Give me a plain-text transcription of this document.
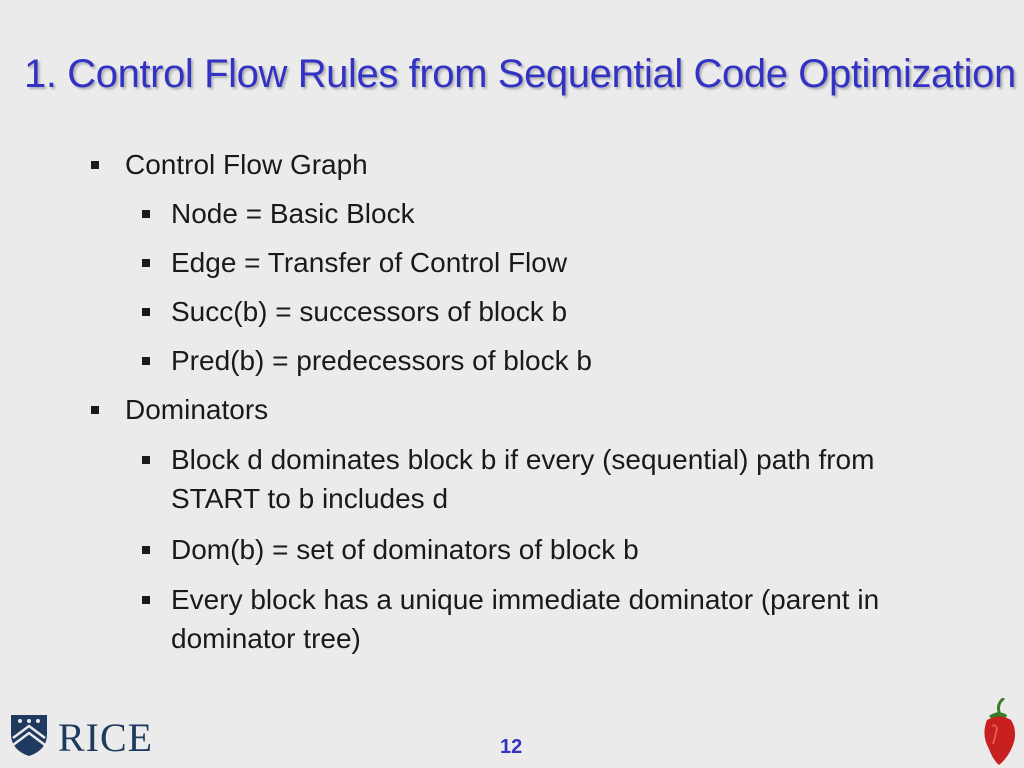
1. Control Flow Rules from Sequential Code Optimization
Control Flow Graph
Node = Basic Block
Edge = Transfer of Control Flow
Succ(b) = successors of block b
Pred(b) = predecessors of block b
Dominators
Block d dominates block b if every (sequential) path from START to b includes d
Dom(b) = set of dominators of block b
Every block has a unique immediate dominator (parent in dominator tree)
RICE	12
